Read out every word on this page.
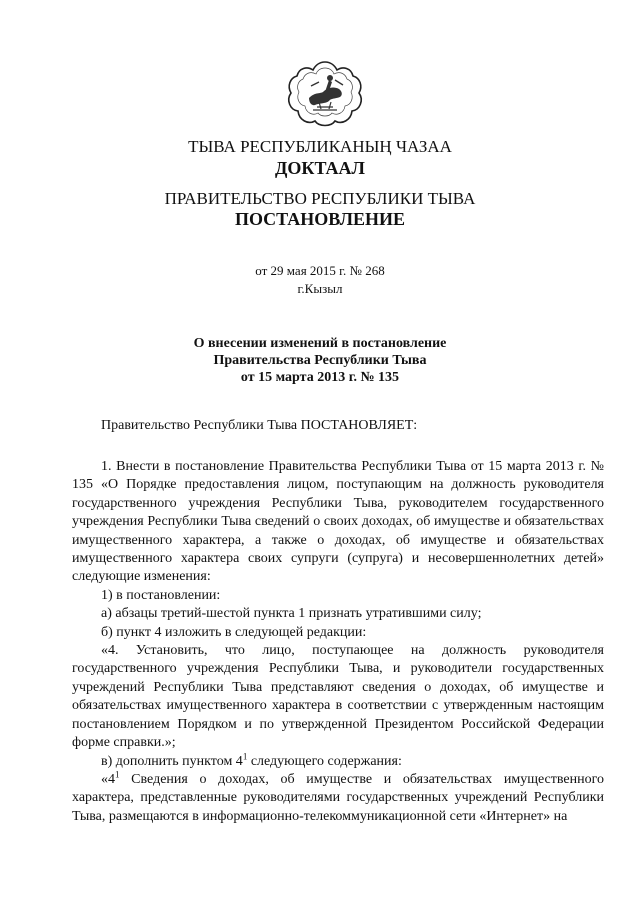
ТЫВА РЕСПУБЛИКАНЫҢ ЧАЗАА
ДОКТААЛ
ПРАВИТЕЛЬСТВО РЕСПУБЛИКИ ТЫВА
ПОСТАНОВЛЕНИЕ
от 29 мая 2015 г. № 268
г.Кызыл
О внесении изменений в постановление
Правительства Республики Тыва
от 15 марта 2013 г. № 135
Правительство Республики Тыва ПОСТАНОВЛЯЕТ:

1. Внести в постановление Правительства Республики Тыва от 15 марта 2013 г. № 135 «О Порядке предоставления лицом, поступающим на должность руководителя государственного учреждения Республики Тыва, руководителем государственного учреждения Республики Тыва сведений о своих доходах, об имуществе и обязательствах имущественного характера, а также о доходах, об имуществе и обязательствах имущественного характера своих супруги (супруга) и несовершеннолетних детей» следующие изменения:

1) в постановлении:

а) абзацы третий-шестой пункта 1 признать утратившими силу;

б) пункт 4 изложить в следующей редакции:

«4. Установить, что лицо, поступающее на должность руководителя государственного учреждения Республики Тыва, и руководители государственных учреждений Республики Тыва представляют сведения о доходах, об имуществе и обязательствах имущественного характера в соответствии с утвержденным настоящим постановлением Порядком и по утвержденной Президентом Российской Федерации форме справки.»;

в) дополнить пунктом $4^1$ следующего содержания:

«$4^1$ Сведения о доходах, об имуществе и обязательствах имущественного характера, представленные руководителями государственных учреждений Республики Тыва, размещаются в информационно-телекоммуникационной сети «Интернет» на
